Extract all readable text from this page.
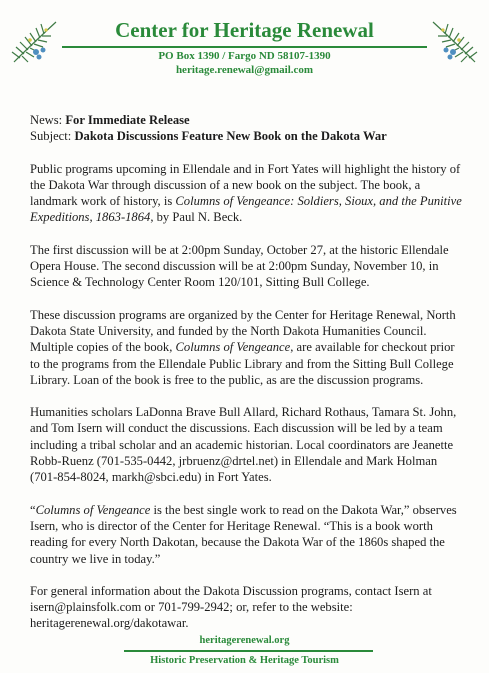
Center for Heritage Renewal
PO Box 1390 / Fargo ND 58107-1390
heritage.renewal@gmail.com

News: For Immediate Release

Subject: Dakota Discussions Feature New Book on the Dakota War

Public programs upcoming in Ellendale and in Fort Yates will highlight the history of the Dakota War through discussion of a new book on the subject. The book, a landmark work of history, is Columns of Vengeance: Soldiers, Sioux, and the Punitive Expeditions, 1863-1864, by Paul N. Beck.

The first discussion will be at 2:00pm Sunday, October 27, at the historic Ellendale Opera House. The second discussion will be at 2:00pm Sunday, November 10, in Science & Technology Center Room 120/101, Sitting Bull College.

These discussion programs are organized by the Center for Heritage Renewal, North Dakota State University, and funded by the North Dakota Humanities Council. Multiple copies of the book, Columns of Vengeance, are available for checkout prior to the programs from the Ellendale Public Library and from the Sitting Bull College Library. Loan of the book is free to the public, as are the discussion programs.

Humanities scholars LaDonna Brave Bull Allard, Richard Rothaus, Tamara St. John, and Tom Isern will conduct the discussions. Each discussion will be led by a team including a tribal scholar and an academic historian. Local coordinators are Jeanette Robb-Ruenz (701-535-0442, jrbruenz@drtel.net) in Ellendale and Mark Holman (701-854-8024, markh@sbci.edu) in Fort Yates.

“Columns of Vengeance is the best single work to read on the Dakota War,” observes Isern, who is director of the Center for Heritage Renewal. “This is a book worth reading for every North Dakotan, because the Dakota War of the 1860s shaped the country we live in today.”

For general information about the Dakota Discussion programs, contact Isern at isern@plainsfolk.com or 701-799-2942; or, refer to the website: heritagerenewal.org/dakotawar.

heritagerenewal.org
Historic Preservation & Heritage Tourism
